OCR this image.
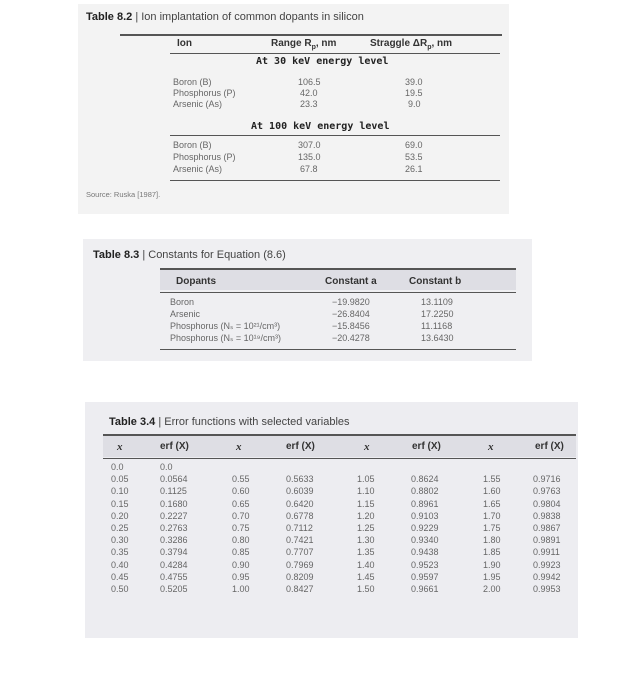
Table 8.2 | Ion implantation of common dopants in silicon
Ion	Range $R_p$, nm	Straggle $\Delta R_p$, nm
At 30 keV energy level
Boron (B)	106.5	39.0
Phosphorus (P)	42.0	19.5
Arsenic (As)	23.3	9.0
At 100 keV energy level
Boron (B)	307.0	69.0
Phosphorus (P)	135.0	53.5
Arsenic (As)	67.8	26.1
Source: Ruska [1987].
Table 8.3 | Constants for Equation (8.6)
Dopants	Constant a	Constant b
Boron	−19.9820	13.1109
Arsenic	−26.8404	17.2250
Phosphorus (Nₛ = 10²¹/cm³)	−15.8456	11.1168
Phosphorus (Nₛ = 10¹⁹/cm³)	−20.4278	13.6430
Table 3.4 | Error functions with selected variables
x	erf (X)	x	erf (X)	x	erf (X)	x	erf (X)
0.0	0.0
0.05	0.0564	0.55	0.5633	1.05	0.8624	1.55	0.9716
0.10	0.1125	0.60	0.6039	1.10	0.8802	1.60	0.9763
0.15	0.1680	0.65	0.6420	1.15	0.8961	1.65	0.9804
0.20	0.2227	0.70	0.6778	1.20	0.9103	1.70	0.9838
0.25	0.2763	0.75	0.7112	1.25	0.9229	1.75	0.9867
0.30	0.3286	0.80	0.7421	1.30	0.9340	1.80	0.9891
0.35	0.3794	0.85	0.7707	1.35	0.9438	1.85	0.9911
0.40	0.4284	0.90	0.7969	1.40	0.9523	1.90	0.9923
0.45	0.4755	0.95	0.8209	1.45	0.9597	1.95	0.9942
0.50	0.5205	1.00	0.8427	1.50	0.9661	2.00	0.9953
